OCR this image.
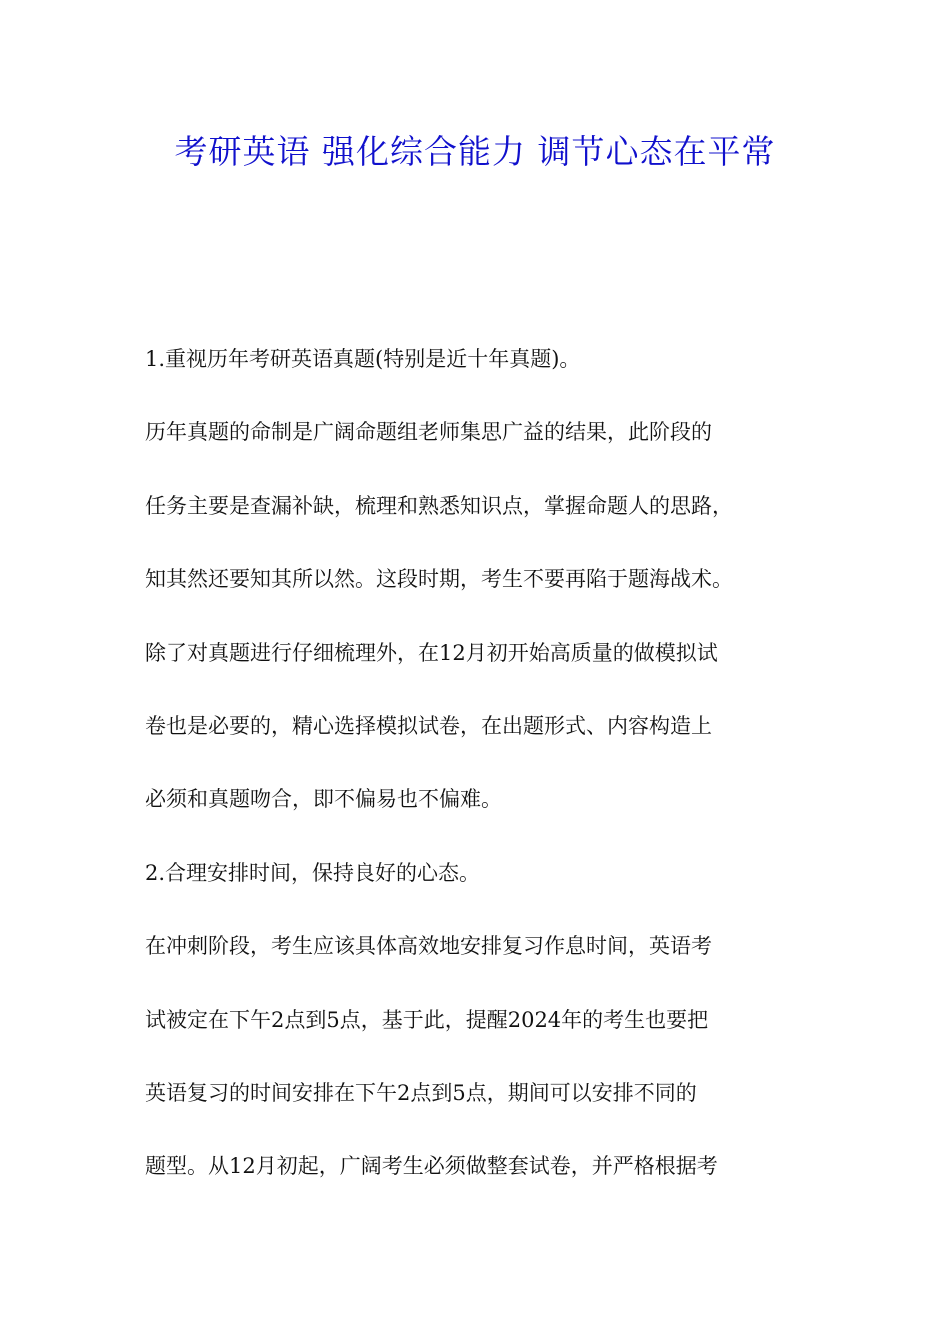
考研英语 强化综合能力 调节心态在平常

1.重视历年考研英语真题(特别是近十年真题)。

历年真题的命制是广阔命题组老师集思广益的结果，此阶段的

任务主要是查漏补缺，梳理和熟悉知识点，掌握命题人的思路，

知其然还要知其所以然。这段时期，考生不要再陷于题海战术。

除了对真题进行仔细梳理外，在12月初开始高质量的做模拟试

卷也是必要的，精心选择模拟试卷，在出题形式、内容构造上

必须和真题吻合，即不偏易也不偏难。

2.合理安排时间，保持良好的心态。

在冲刺阶段，考生应该具体高效地安排复习作息时间，英语考

试被定在下午2点到5点，基于此，提醒2024年的考生也要把

英语复习的时间安排在下午2点到5点，期间可以安排不同的

题型。从12月初起，广阔考生必须做整套试卷，并严格根据考
